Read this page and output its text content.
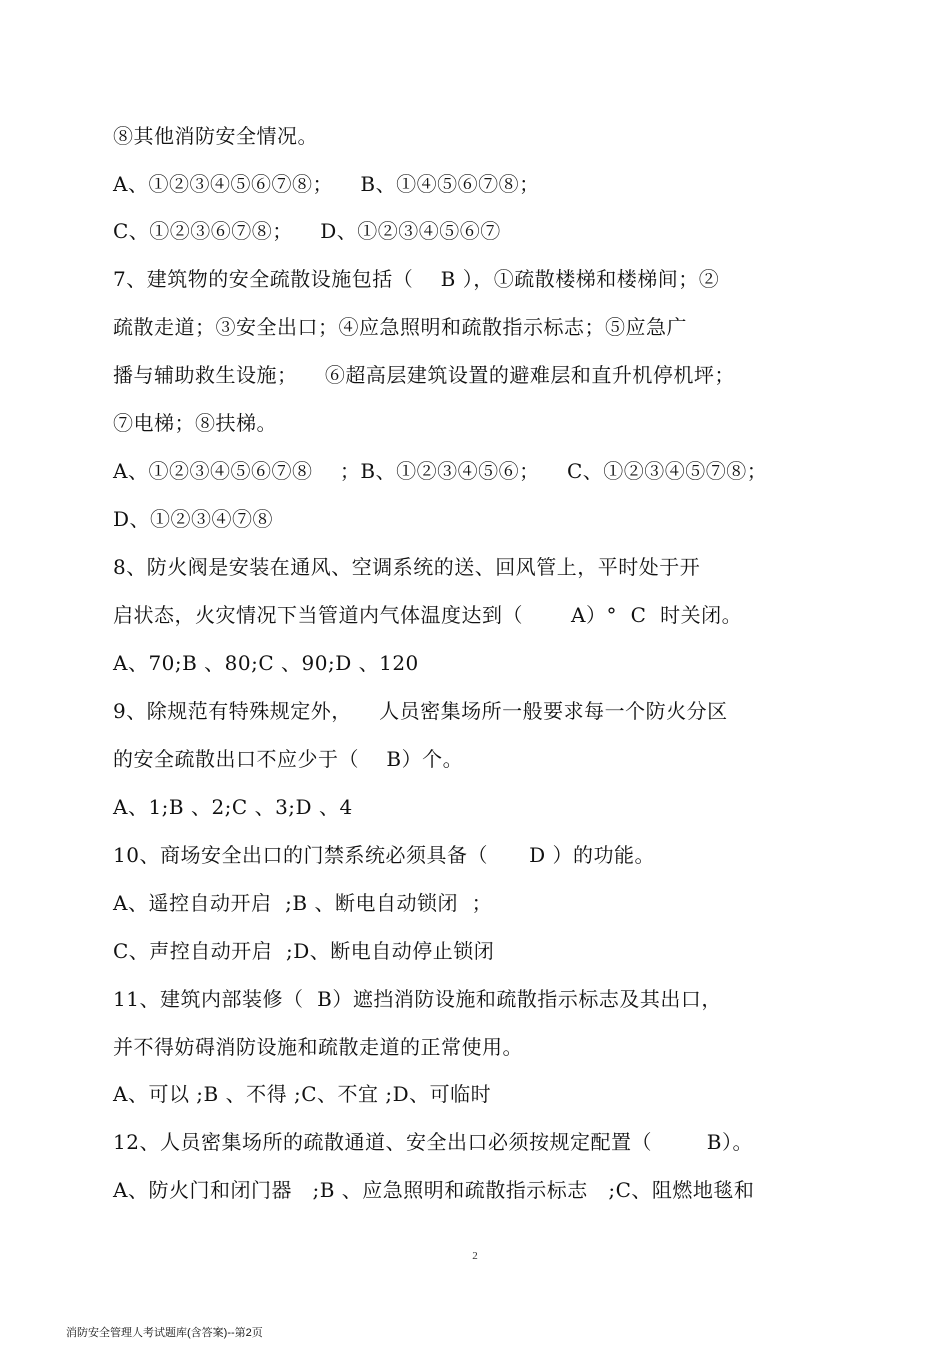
⑧其他消防安全情况。
A、①②③④⑤⑥⑦⑧；    B、①④⑤⑥⑦⑧；
C、①②③⑥⑦⑧；    D、①②③④⑤⑥⑦
7、建筑物的安全疏散设施包括（    B ），①疏散楼梯和楼梯间；②
疏散走道；③安全出口；④应急照明和疏散指示标志；⑤应急广
播与辅助救生设施；    ⑥超高层建筑设置的避难层和直升机停机坪；
⑦电梯；⑧扶梯。
A、①②③④⑤⑥⑦⑧    ；B、①②③④⑤⑥；    C、①②③④⑤⑦⑧；
D、①②③④⑦⑧
8、防火阀是安装在通风、空调系统的送、回风管上，平时处于开
启状态，火灾情况下当管道内气体温度达到（       A）°  C  时关闭。
A、70;B 、80;C 、90;D 、120
9、除规范有特殊规定外，    人员密集场所一般要求每一个防火分区
的安全疏散出口不应少于（    B）个。
A、1;B 、2;C 、3;D 、4
10、商场安全出口的门禁系统必须具备（      D ）的功能。
A、遥控自动开启  ;B 、断电自动锁闭  ；
C、声控自动开启  ;D、断电自动停止锁闭
11、建筑内部装修（  B）遮挡消防设施和疏散指示标志及其出口，
并不得妨碍消防设施和疏散走道的正常使用。
A、可以 ;B 、不得 ;C、不宜 ;D、可临时
12、人员密集场所的疏散通道、安全出口必须按规定配置（        B）。
A、防火门和闭门器   ;B 、应急照明和疏散指示标志   ;C、阻燃地毯和
2
消防安全管理人考试题库(含答案)--第2页
